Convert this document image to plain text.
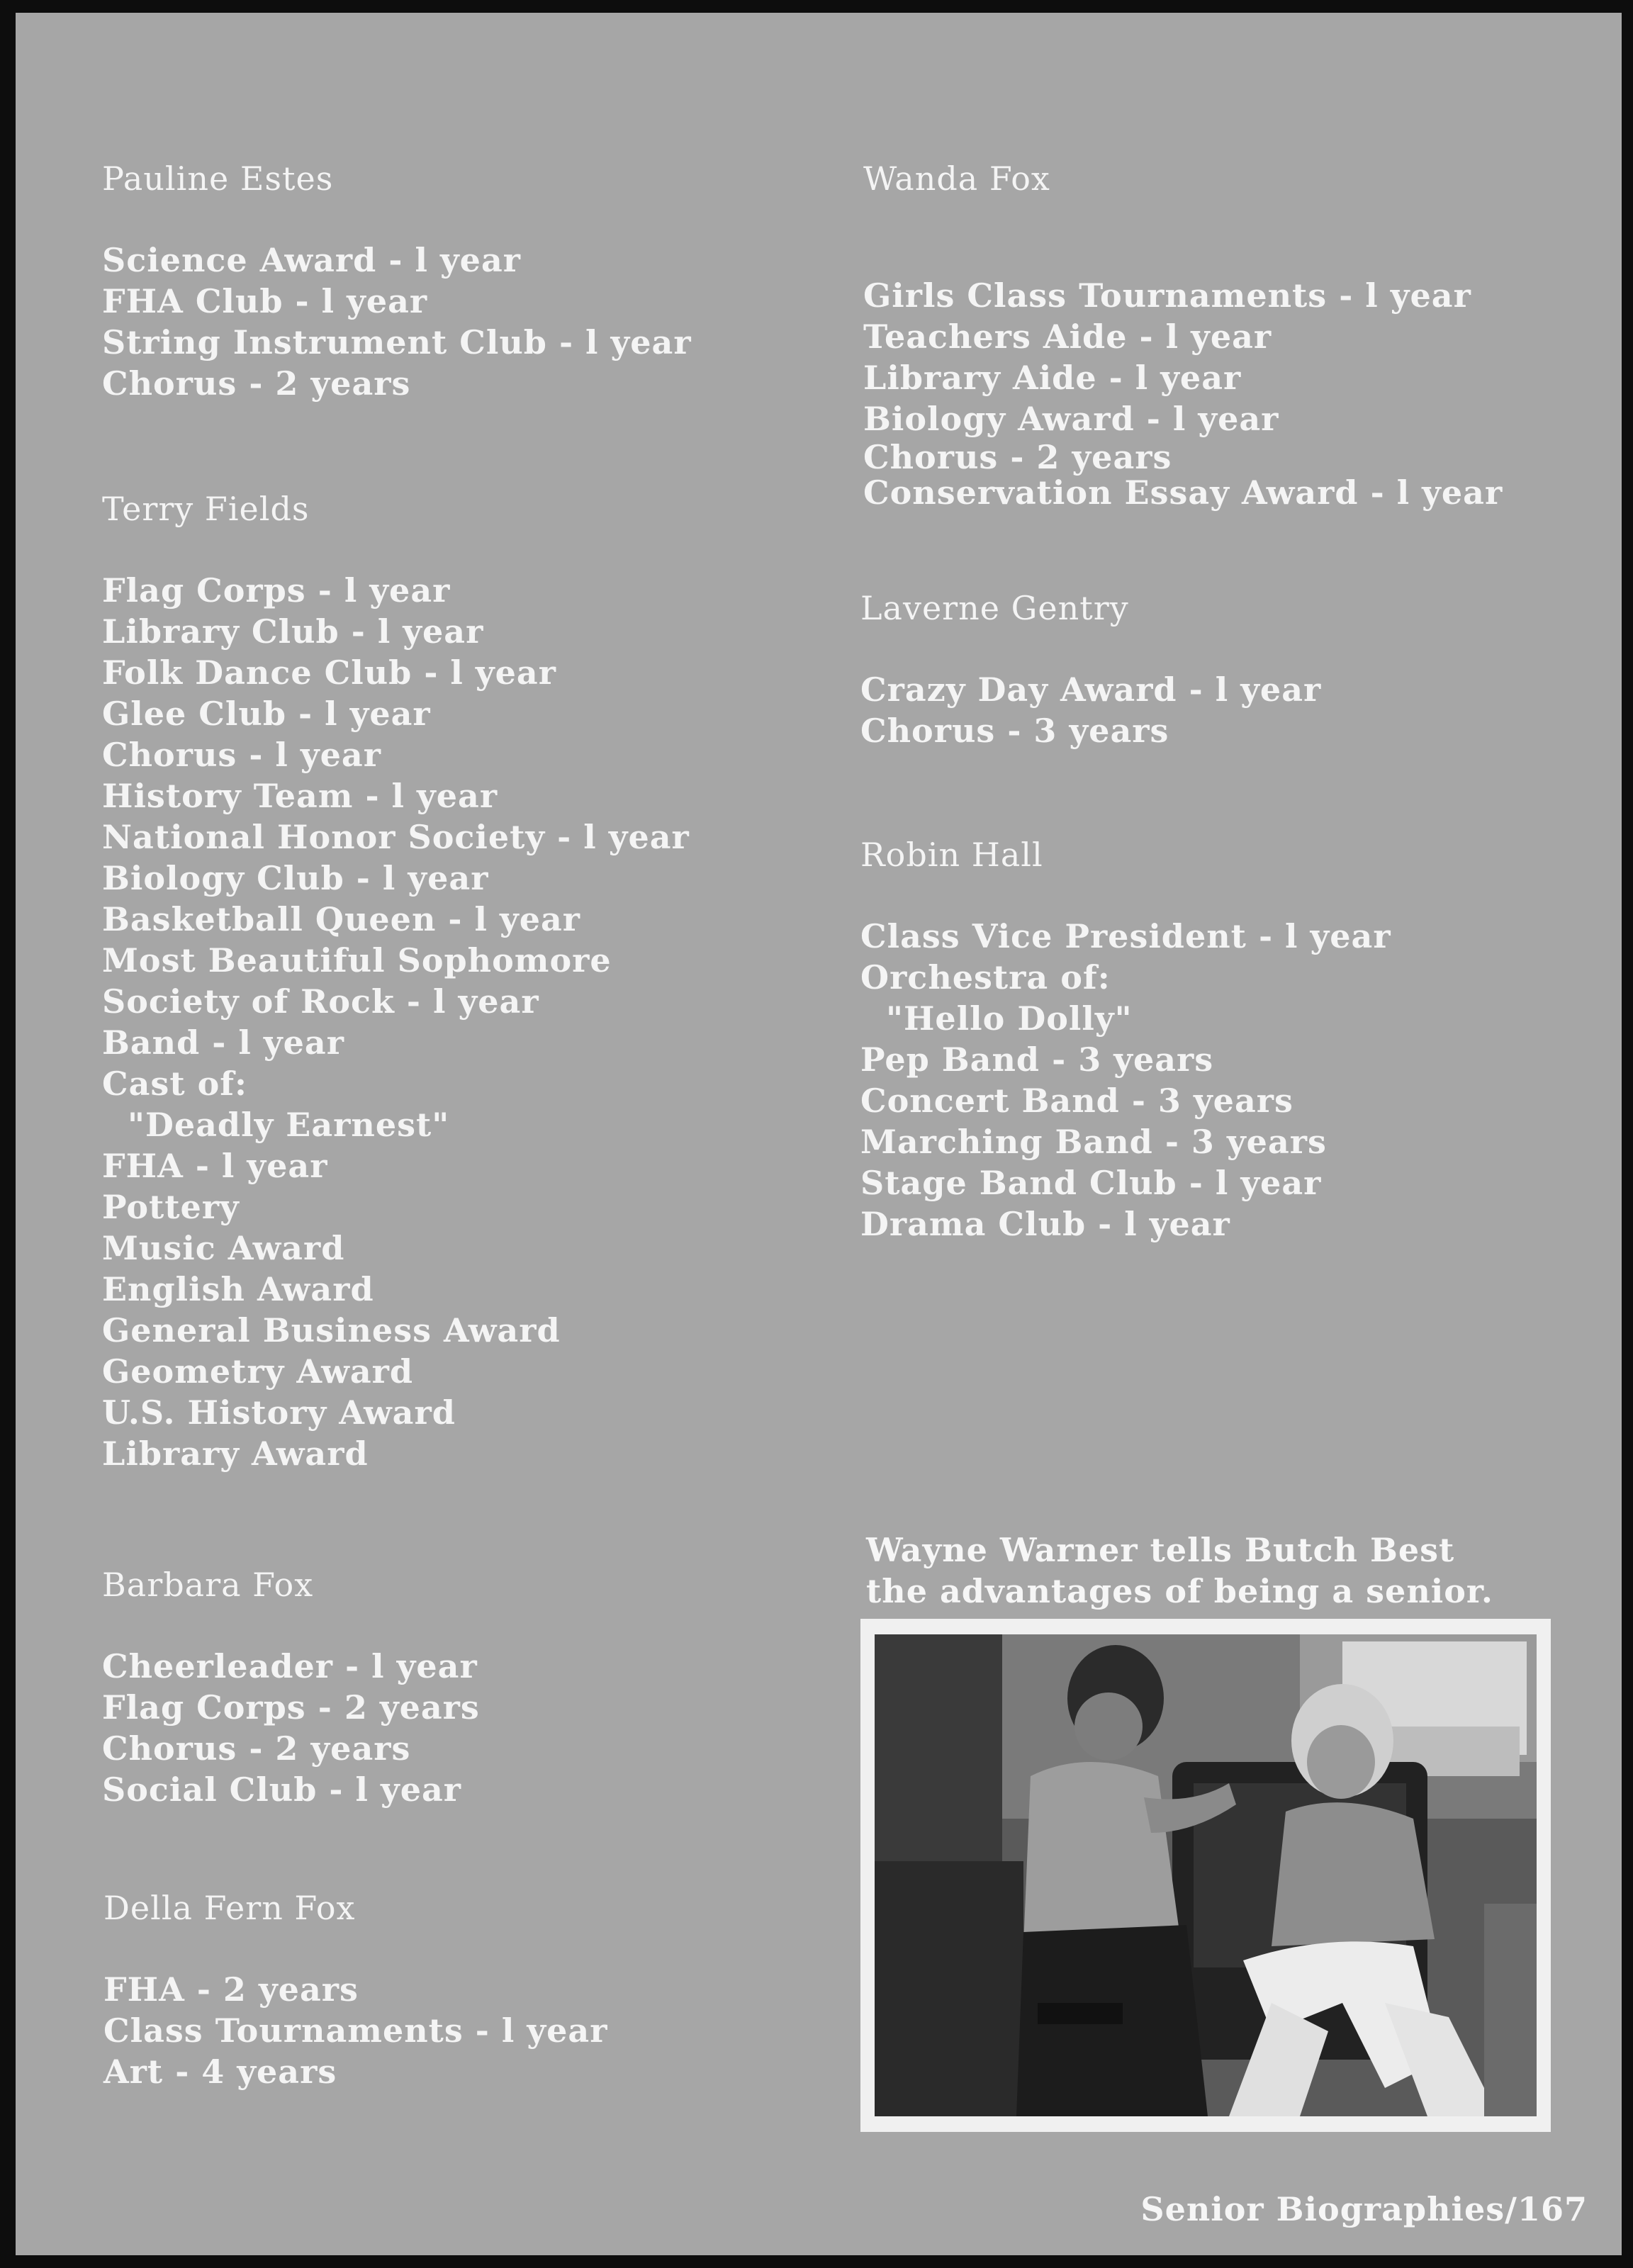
Pauline Estes
Science Award - l year
FHA Club - l year
String Instrument Club - l year
Chorus - 2 years
Terry Fields
Flag Corps - l year
Library Club - l year
Folk Dance Club - l year
Glee Club - l year
Chorus - l year
History Team - l year
National Honor Society - l year
Biology Club - l year
Basketball Queen - l year
Most Beautiful Sophomore
Society of Rock - l year
Band - l year
Cast of:
"Deadly Earnest"
FHA - l year
Pottery
Music Award
English Award
General Business Award
Geometry Award
U.S. History Award
Library Award
Barbara Fox
Cheerleader - l year
Flag Corps - 2 years
Chorus - 2 years
Social Club - l year
Della Fern Fox
FHA - 2 years
Class Tournaments - l year
Art - 4 years
Wanda Fox
Girls Class Tournaments - l year
Teachers Aide - l year
Library Aide - l year
Biology Award - l year
Chorus - 2 years
Conservation Essay Award - l year
Laverne Gentry
Crazy Day Award - l year
Chorus - 3 years
Robin Hall
Class Vice President - l year
Orchestra of:
"Hello Dolly"
Pep Band - 3 years
Concert Band - 3 years
Marching Band - 3 years
Stage Band Club - l year
Drama Club - l year
Wayne Warner tells Butch Best
the advantages of being a senior.
Senior Biographies/167
